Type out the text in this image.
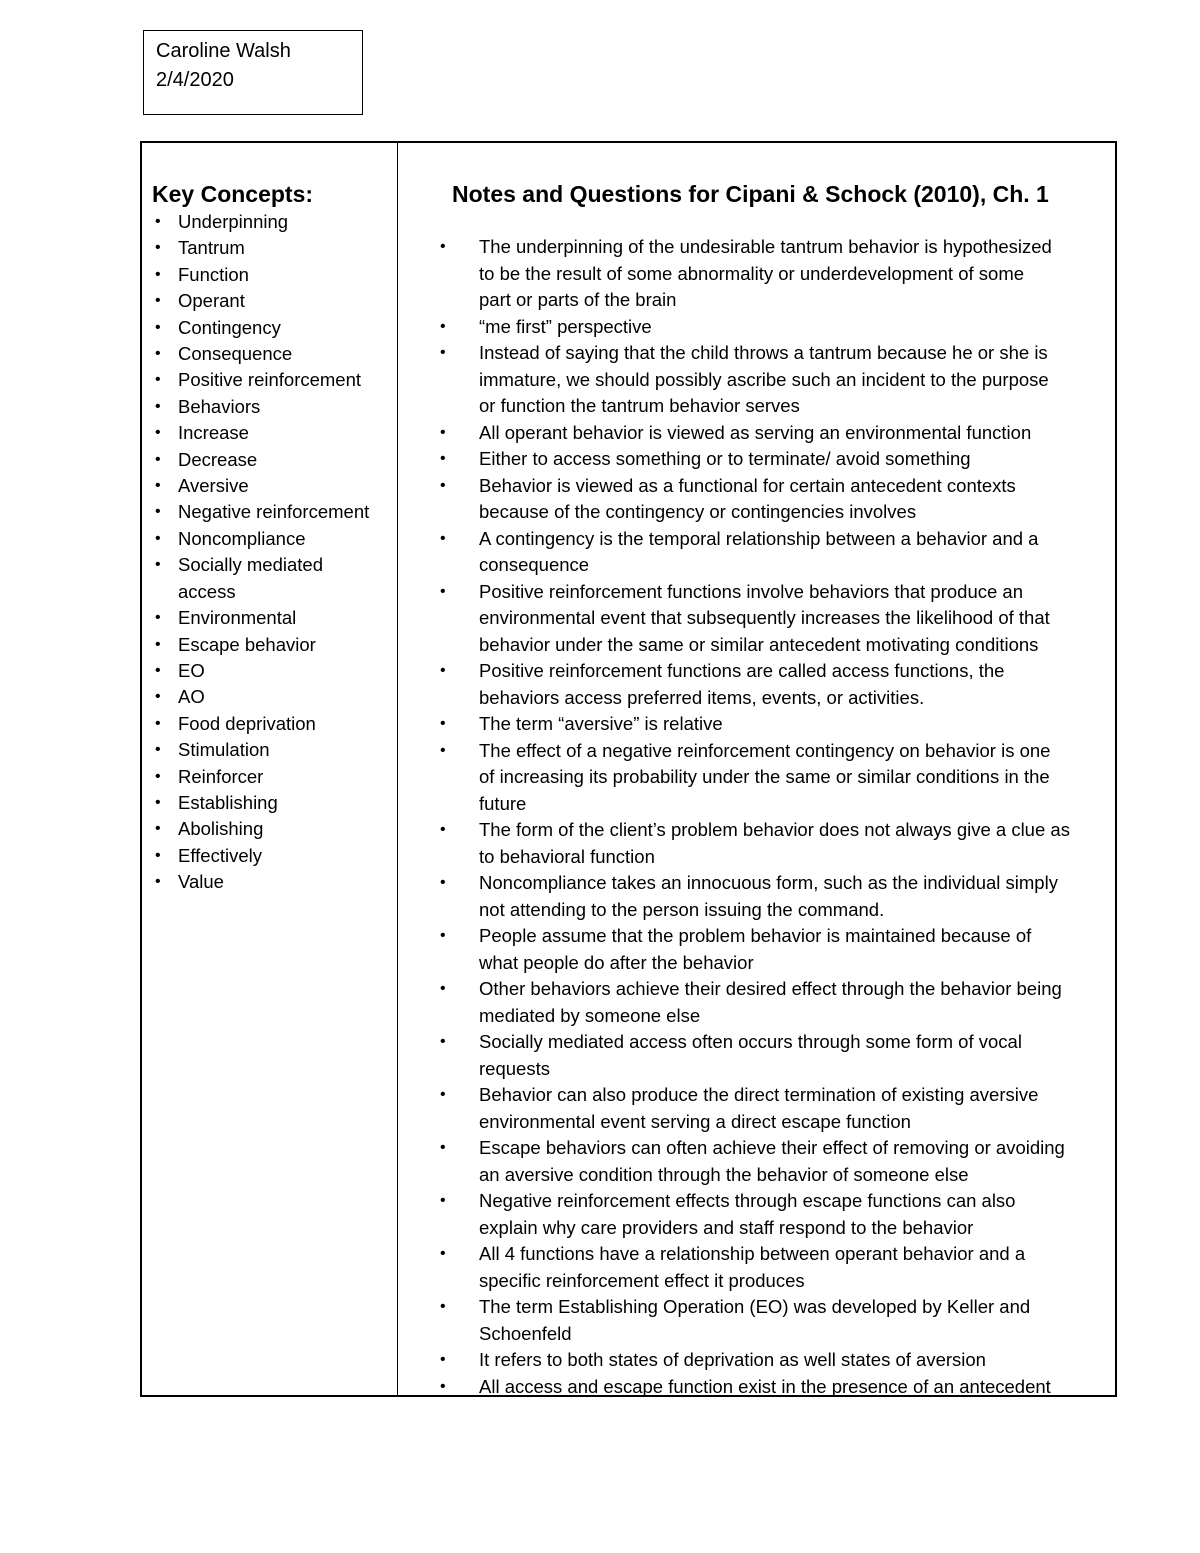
Caroline Walsh
2/4/2020
Key Concepts:
• Underpinning
• Tantrum
• Function
• Operant
• Contingency
• Consequence
• Positive reinforcement
• Behaviors
• Increase
• Decrease
• Aversive
• Negative reinforcement
• Noncompliance
• Socially mediated
access
• Environmental
• Escape behavior
• EO
• AO
• Food deprivation
• Stimulation
• Reinforcer
• Establishing
• Abolishing
• Effectively
• Value
Notes and Questions for Cipani & Schock (2010), Ch. 1
• The underpinning of the undesirable tantrum behavior is hypothesized
to be the result of some abnormality or underdevelopment of some
part or parts of the brain
• “me first” perspective
• Instead of saying that the child throws a tantrum because he or she is
immature, we should possibly ascribe such an incident to the purpose
or function the tantrum behavior serves
• All operant behavior is viewed as serving an environmental function
• Either to access something or to terminate/ avoid something
• Behavior is viewed as a functional for certain antecedent contexts
because of the contingency or contingencies involves
• A contingency is the temporal relationship between a behavior and a
consequence
• Positive reinforcement functions involve behaviors that produce an
environmental event that subsequently increases the likelihood of that
behavior under the same or similar antecedent motivating conditions
• Positive reinforcement functions are called access functions, the
behaviors access preferred items, events, or activities.
• The term “aversive” is relative
• The effect of a negative reinforcement contingency on behavior is one
of increasing its probability under the same or similar conditions in the
future
• The form of the client’s problem behavior does not always give a clue as
to behavioral function
• Noncompliance takes an innocuous form, such as the individual simply
not attending to the person issuing the command.
• People assume that the problem behavior is maintained because of
what people do after the behavior
• Other behaviors achieve their desired effect through the behavior being
mediated by someone else
• Socially mediated access often occurs through some form of vocal
requests
• Behavior can also produce the direct termination of existing aversive
environmental event serving a direct escape function
• Escape behaviors can often achieve their effect of removing or avoiding
an aversive condition through the behavior of someone else
• Negative reinforcement effects through escape functions can also
explain why care providers and staff respond to the behavior
• All 4 functions have a relationship between operant behavior and a
specific reinforcement effect it produces
• The term Establishing Operation (EO) was developed by Keller and
Schoenfeld
• It refers to both states of deprivation as well states of aversion
• All access and escape function exist in the presence of an antecedent
